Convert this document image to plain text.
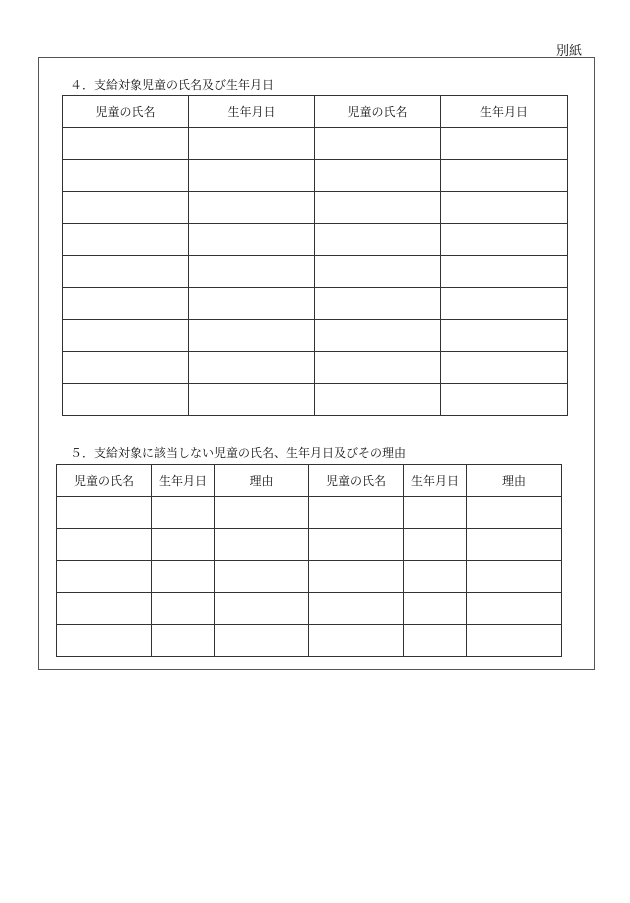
別紙
４．支給対象児童の氏名及び生年月日
児童の氏名	生年月日	児童の氏名	生年月日

５．支給対象に該当しない児童の氏名、生年月日及びその理由
児童の氏名	生年月日	理由	児童の氏名	生年月日	理由
